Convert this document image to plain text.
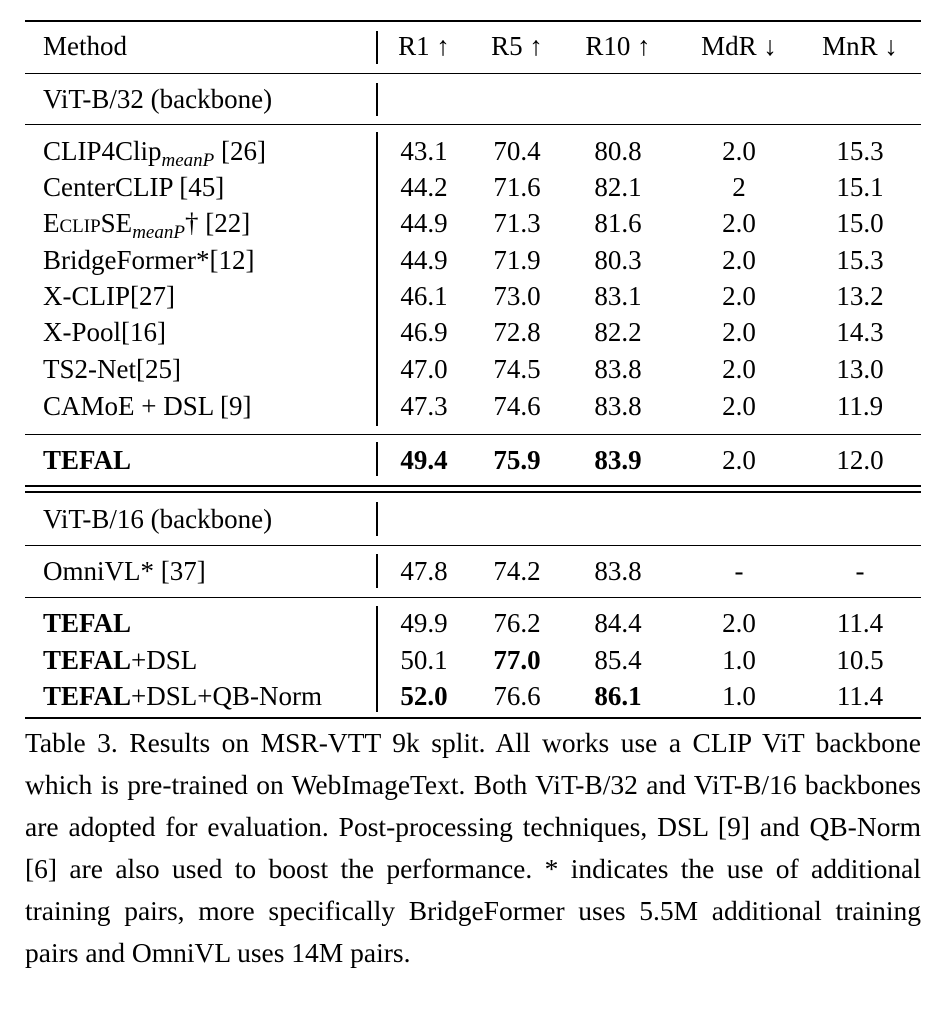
Method	R1 ↑	R5 ↑	R10 ↑	MdR ↓	MnR ↓
ViT-B/32 (backbone)
CLIP4Clip$_{meanP}$ [26]	43.1	70.4	80.8	2.0	15.3
CenterCLIP [45]	44.2	71.6	82.1	2	15.1
EclipSE$_{meanP}$† [22]	44.9	71.3	81.6	2.0	15.0
BridgeFormer*[12]	44.9	71.9	80.3	2.0	15.3
X-CLIP[27]	46.1	73.0	83.1	2.0	13.2
X-Pool[16]	46.9	72.8	82.2	2.0	14.3
TS2-Net[25]	47.0	74.5	83.8	2.0	13.0
CAMoE + DSL [9]	47.3	74.6	83.8	2.0	11.9
TEFAL	49.4	75.9	83.9	2.0	12.0
ViT-B/16 (backbone)
OmniVL* [37]	47.8	74.2	83.8	-	-
TEFAL	49.9	76.2	84.4	2.0	11.4
TEFAL+DSL	50.1	77.0	85.4	1.0	10.5
TEFAL+DSL+QB-Norm	52.0	76.6	86.1	1.0	11.4

Table 3. Results on MSR-VTT 9k split. All works use a CLIP ViT backbone which is pre-trained on WebImageText. Both ViT-B/32 and ViT-B/16 backbones are adopted for evaluation. Post-processing techniques, DSL [9] and QB-Norm [6] are also used to boost the performance. * indicates the use of additional training pairs, more specifically BridgeFormer uses 5.5M additional training pairs and OmniVL uses 14M pairs.
